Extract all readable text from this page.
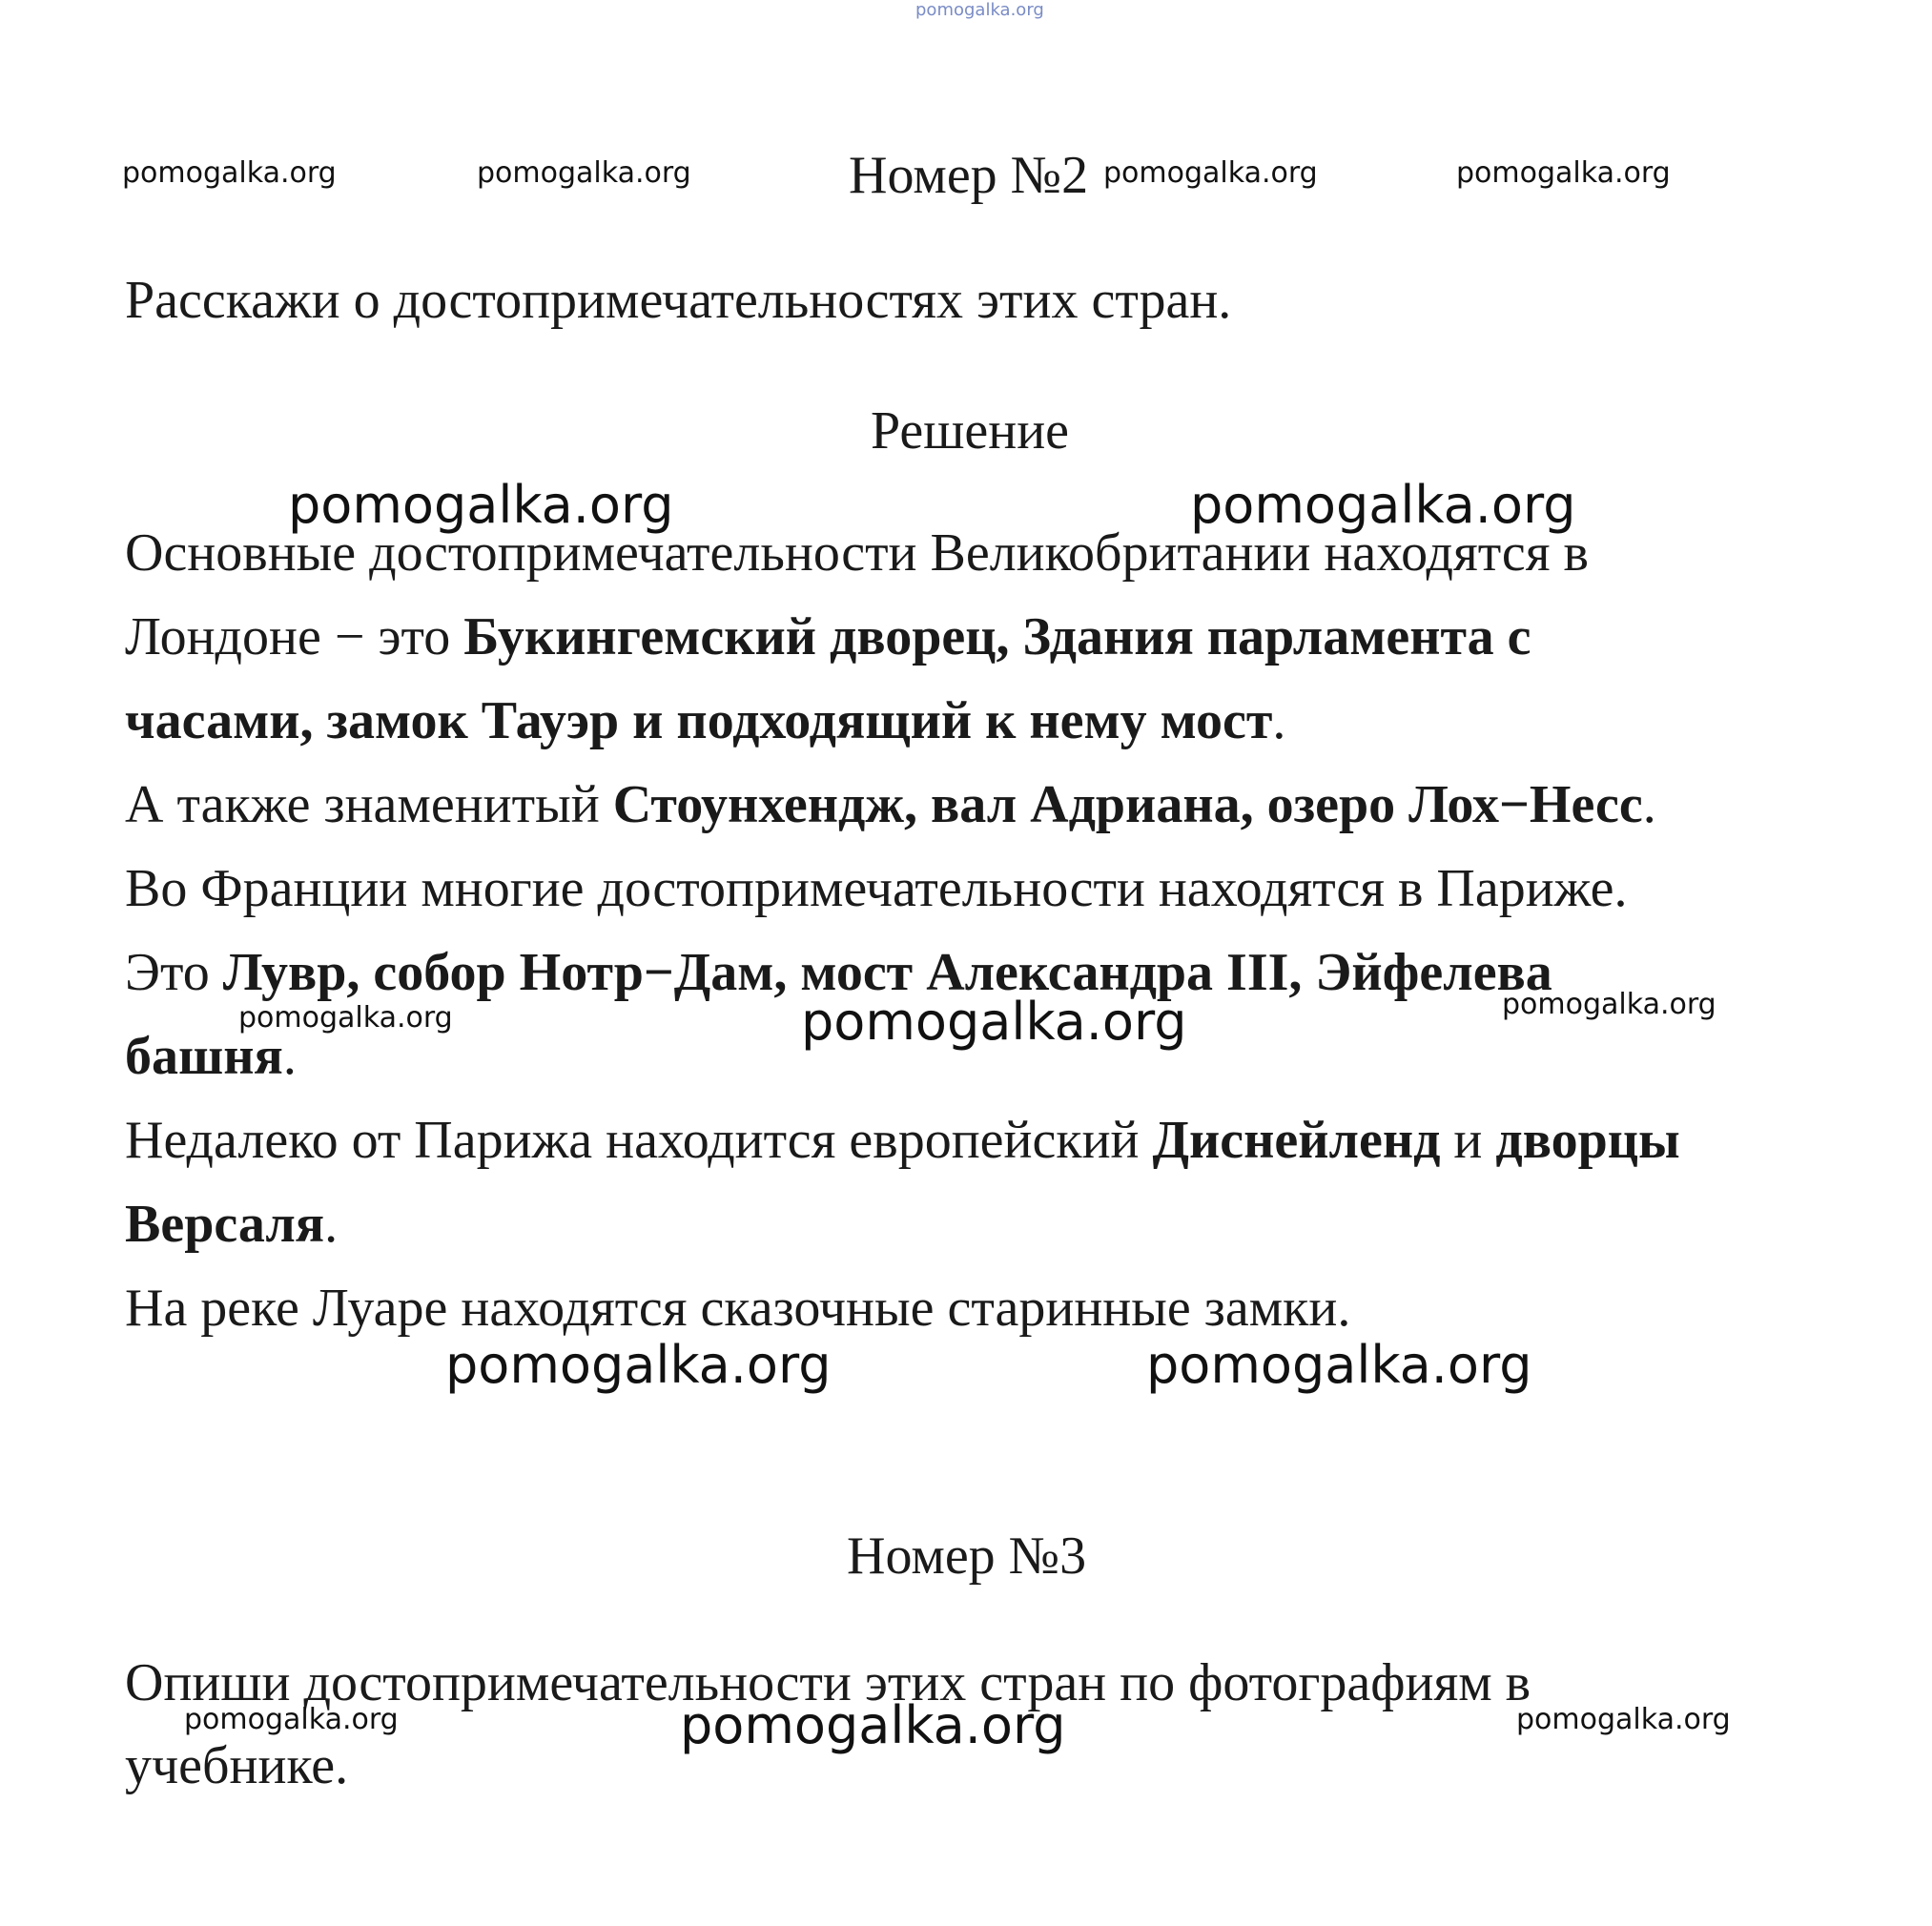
pomogalka.org
pomogalka.org	pomogalka.org	Номер №2 pomogalka.org	pomogalka.org
Расскажи о достопримечательностях этих стран.
Решение
pomogalka.org	pomogalka.org
Основные достопримечательности Великобритании находятся в
Лондоне − это Букингемский дворец, Здания парламента с
часами, замок Тауэр и подходящий к нему мост.
А также знаменитый Стоунхендж, вал Адриана, озеро Лох−Несс.
Во Франции многие достопримечательности находятся в Париже.
Это Лувр, собор Нотр−Дам, мост Александра III, Эйфелева
pomogalka.org	pomogalka.org	pomogalka.org
башня.
Недалеко от Парижа находится европейский Диснейленд и дворцы
Версаля.
На реке Луаре находятся сказочные старинные замки.
pomogalka.org	pomogalka.org
Номер №3
Опиши достопримечательности этих стран по фотографиям в
pomogalka.org	pomogalka.org	pomogalka.org
учебнике.
